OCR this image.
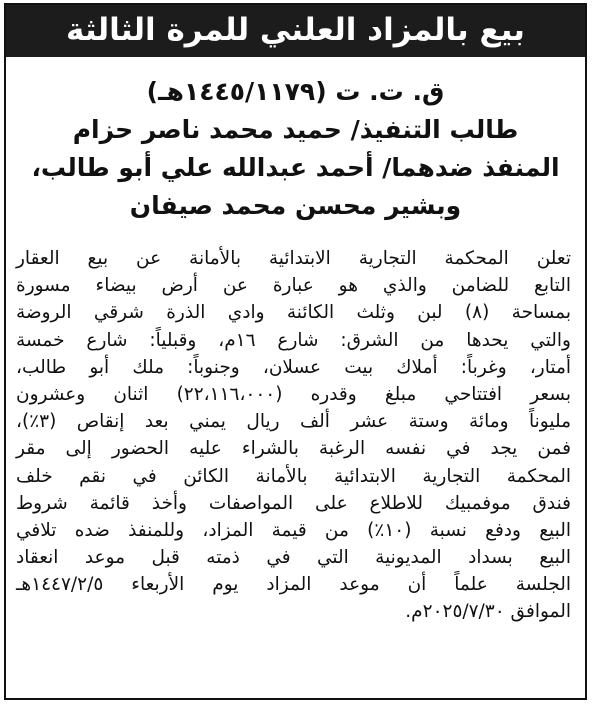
بيع بالمزاد العلني للمرة الثالثة
ق. ت. ت (١٤٤٥/١١٧٩هـ)
طالب التنفيذ/ حميد محمد ناصر حزام
المنفذ ضدهما/ أحمد عبدالله علي أبو طالب،
وبشير محسن محمد صيفان
تعلن المحكمة التجارية الابتدائية بالأمانة عن بيع العقار
التابع للضامن والذي هو عبارة عن أرض بيضاء مسورة
بمساحة (٨) لبن وثلث الكائنة وادي الذرة شرقي الروضة
والتي يحدها من الشرق: شارع ١٦م، وقبلياً: شارع خمسة
أمتار، وغرباً: أملاك بيت عسلان، وجنوباً: ملك أبو طالب،
بسعر افتتاحي مبلغ وقدره (٢٢،١١٦،٠٠٠) اثنان وعشرون
مليوناً ومائة وستة عشر ألف ريال يمني بعد إنقاص (٣٪)،
فمن يجد في نفسه الرغبة بالشراء عليه الحضور إلى مقر
المحكمة التجارية الابتدائية بالأمانة الكائن في نقم خلف
فندق موفمبيك للاطلاع على المواصفات وأخذ قائمة شروط
البيع ودفع نسبة (١٠٪) من قيمة المزاد، وللمنفذ ضده تلافي
البيع بسداد المديونية التي في ذمته قبل موعد انعقاد
الجلسة علماً أن موعد المزاد يوم الأربعاء ١٤٤٧/٢/٥هـ
الموافق ٢٠٢٥/٧/٣٠م.
